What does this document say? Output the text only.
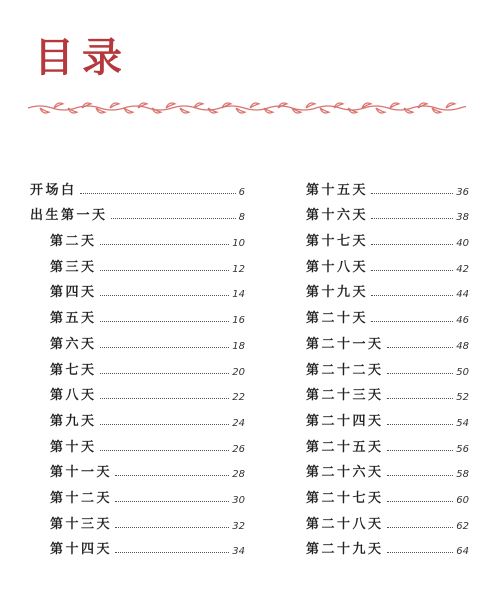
目录
开场白	6
出生第一天	8
第二天	10
第三天	12
第四天	14
第五天	16
第六天	18
第七天	20
第八天	22
第九天	24
第十天	26
第十一天	28
第十二天	30
第十三天	32
第十四天	34
第十五天	36
第十六天	38
第十七天	40
第十八天	42
第十九天	44
第二十天	46
第二十一天	48
第二十二天	50
第二十三天	52
第二十四天	54
第二十五天	56
第二十六天	58
第二十七天	60
第二十八天	62
第二十九天	64
